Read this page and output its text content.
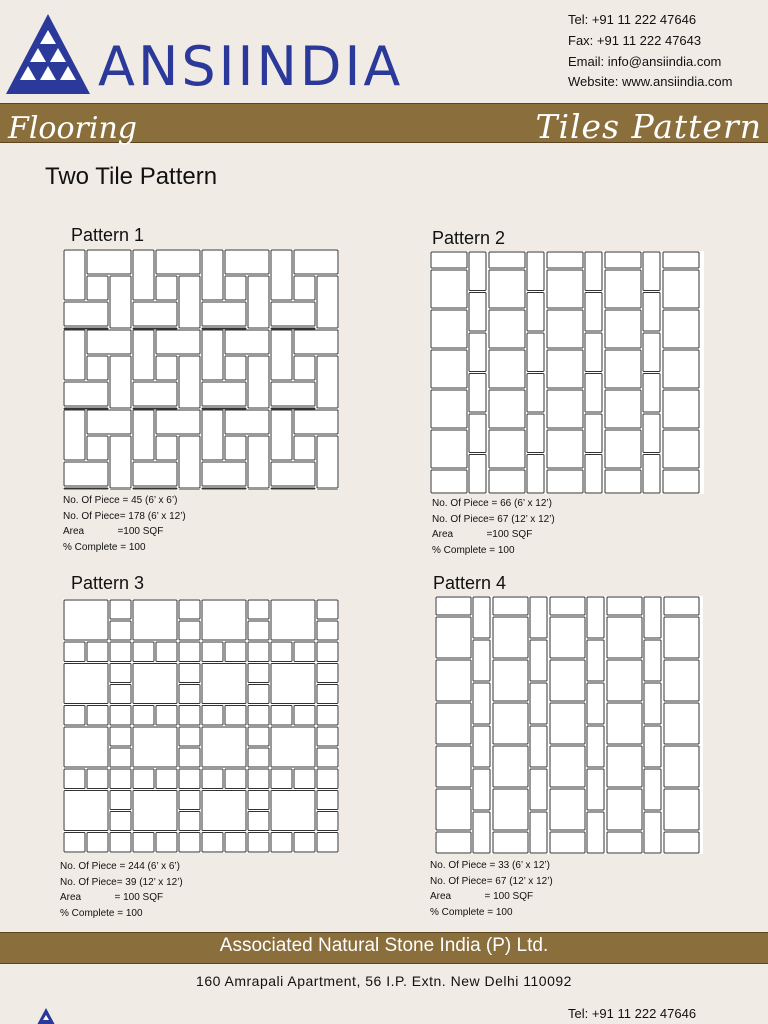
ANSIINDIA
Tel: +91 11 222 47646
Fax: +91 11 222 47643
Email: info@ansiindia.com
Website: www.ansiindia.com
Flooring	Tiles Pattern
Two Tile Pattern
Pattern 1
No. Of Piece = 45 (6’ x 6’)
No. Of Piece= 178 (6’ x 12’)
Area            =100 SQF
% Complete = 100
Pattern 2
No. Of Piece = 66 (6’ x 12’)
No. Of Piece= 67 (12’ x 12’)
Area            =100 SQF
% Complete = 100
Pattern 3
No. Of Piece = 244 (6’ x 6’)
No. Of Piece= 39 (12’ x 12’)
Area            = 100 SQF
% Complete = 100
Pattern 4
No. Of Piece = 33 (6’ x 12’)
No. Of Piece= 67 (12’ x 12’)
Area            = 100 SQF
% Complete = 100
Associated Natural Stone India (P) Ltd.
160 Amrapali Apartment, 56 I.P. Extn. New Delhi 110092
Tel: +91 11 222 47646
